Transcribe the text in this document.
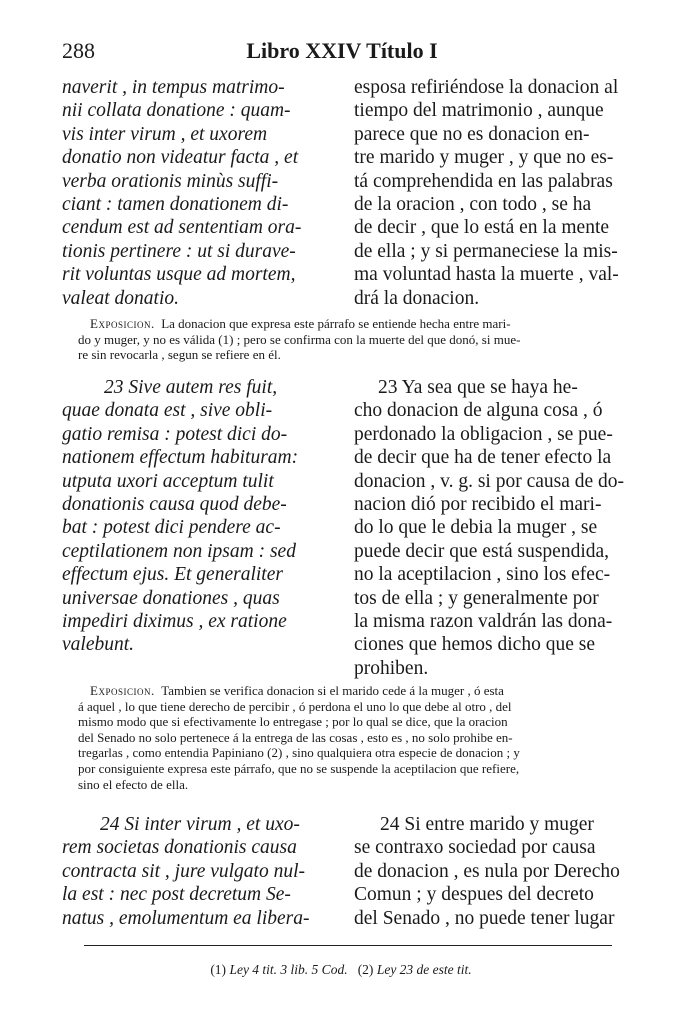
288	Libro XXIV Título I
naverit , in tempus matrimo-
nii collata donatione : quam-
vis inter virum , et uxorem
donatio non videatur facta , et
verba orationis minùs suffi-
ciant : tamen donationem di-
cendum est ad sententiam ora-
tionis pertinere : ut si durave-
rit voluntas usque ad mortem,
valeat donatio.
esposa refiriéndose la donacion al
tiempo del matrimonio , aunque
parece que no es donacion en-
tre marido y muger , y que no es-
tá comprehendida en las palabras
de la oracion , con todo , se ha
de decir , que lo está en la mente
de ella ; y si permaneciese la mis-
ma voluntad hasta la muerte , val-
drá la donacion.
Exposicion. La donacion que expresa este párrafo se entiende hecha entre mari-
do y muger, y no es válida (1) ; pero se confirma con la muerte del que donó, si mue-
re sin revocarla , segun se refiere en él.
23 Sive autem res fuit,
quae donata est , sive obli-
gatio remisa : potest dici do-
nationem effectum habituram:
utputa uxori acceptum tulit
donationis causa quod debe-
bat : potest dici pendere ac-
ceptilationem non ipsam : sed
effectum ejus. Et generaliter
universae donationes , quas
impediri diximus , ex ratione
valebunt.
23 Ya sea que se haya he-
cho donacion de alguna cosa , ó
perdonado la obligacion , se pue-
de decir que ha de tener efecto la
donacion , v. g. si por causa de do-
nacion dió por recibido el mari-
do lo que le debia la muger , se
puede decir que está suspendida,
no la aceptilacion , sino los efec-
tos de ella ; y generalmente por
la misma razon valdrán las dona-
ciones que hemos dicho que se
prohiben.
Exposicion. Tambien se verifica donacion si el marido cede á la muger , ó esta
á aquel , lo que tiene derecho de percibir , ó perdona el uno lo que debe al otro , del
mismo modo que si efectivamente lo entregase ; por lo qual se dice, que la oracion
del Senado no solo pertenece á la entrega de las cosas , esto es , no solo prohibe en-
tregarlas , como entendia Papiniano (2) , sino qualquiera otra especie de donacion ; y
por consiguiente expresa este párrafo, que no se suspende la aceptilacion que refiere,
sino el efecto de ella.
24 Si inter virum , et uxo-
rem societas donationis causa
contracta sit , jure vulgato nul-
la est : nec post decretum Se-
natus , emolumentum ea libera-
24 Si entre marido y muger
se contraxo sociedad por causa
de donacion , es nula por Derecho
Comun ; y despues del decreto
del Senado , no puede tener lugar
(1) Ley 4 tit. 3 lib. 5 Cod. (2) Ley 23 de este tit.
